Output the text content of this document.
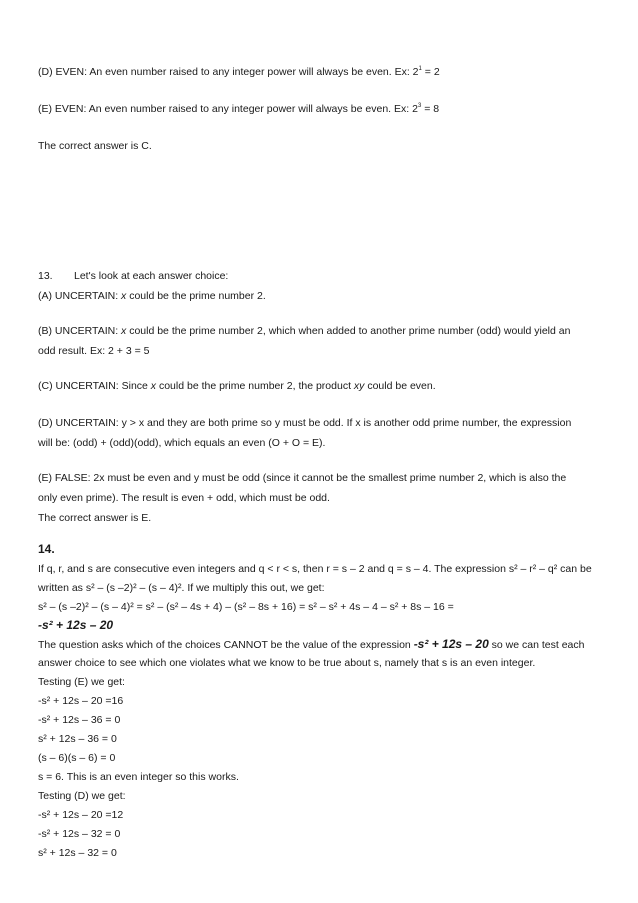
(D) EVEN: An even number raised to any integer power will always be even. Ex: $2^1 = 2$
(E) EVEN: An even number raised to any integer power will always be even. Ex: $2^3 = 8$
The correct answer is C.
13. Let's look at each answer choice:
(A) UNCERTAIN: x could be the prime number 2.
(B) UNCERTAIN: x could be the prime number 2, which when added to another prime number (odd) would yield an
odd result. Ex: 2 + 3 = 5
(C) UNCERTAIN: Since x could be the prime number 2, the product xy could be even.
(D) UNCERTAIN: y > x and they are both prime so y must be odd. If x is another odd prime number, the expression
will be: (odd) + (odd)(odd), which equals an even (O + O = E).
(E) FALSE: 2x must be even and y must be odd (since it cannot be the smallest prime number 2, which is also the
only even prime). The result is even + odd, which must be odd.
The correct answer is E.
14.
If q, r, and s are consecutive even integers and q < r < s, then r = s – 2 and q = s – 4. The expression s² – r² – q² can be
written as s² – (s –2)² – (s – 4)². If we multiply this out, we get:
s² – (s –2)² – (s – 4)² = s² – (s² – 4s + 4) – (s² – 8s + 16) = s² – s² + 4s – 4 – s² + 8s – 16 =
-s² + 12s – 20
The question asks which of the choices CANNOT be the value of the expression -s² + 12s – 20 so we can test each
answer choice to see which one violates what we know to be true about s, namely that s is an even integer.
Testing (E) we get:
-s² + 12s – 20 =16
-s² + 12s – 36 = 0
s² + 12s – 36 = 0
(s – 6)(s – 6) = 0
s = 6. This is an even integer so this works.
Testing (D) we get:
-s² + 12s – 20 =12
-s² + 12s – 32 = 0
s² + 12s – 32 = 0
